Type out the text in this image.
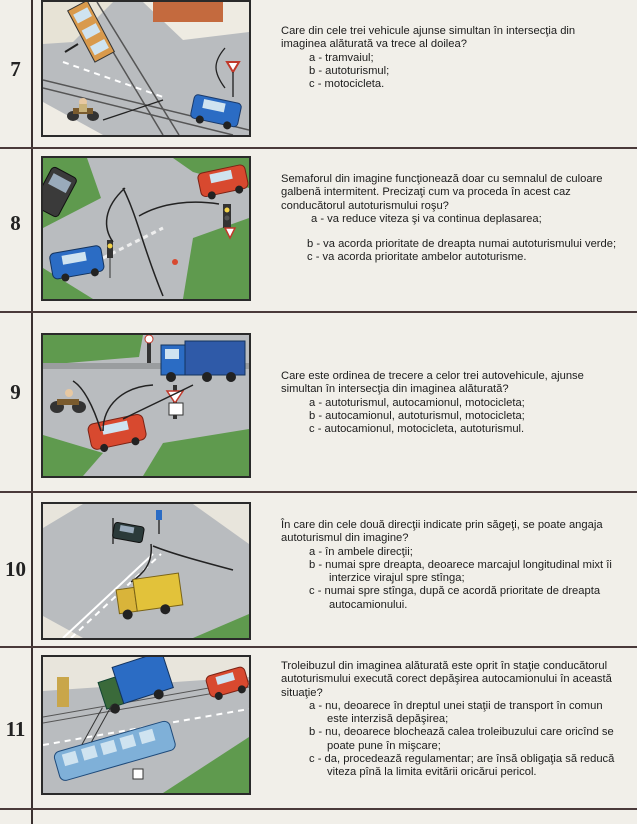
7
Care din cele trei vehicule ajunse simultan în intersecţia din imaginea alăturată va trece al doilea?
a - tramvaiul;
b - autoturismul;
c - motocicleta.
8
Semaforul din imagine funcţionează doar cu semnalul de culoare galbenă intermitent. Precizaţi cum va proceda în acest caz conducătorul autoturismului roşu?
a - va reduce viteza şi va continua deplasarea;
b - va acorda prioritate de dreapta numai autoturismului verde;
c - va acorda prioritate ambelor autoturisme.
9
Care este ordinea de trecere a celor trei autovehicule, ajunse simultan în intersecţia din imaginea alăturată?
a - autoturismul, autocamionul, motocicleta;
b - autocamionul, autoturismul, motocicleta;
c - autocamionul, motocicleta, autoturismul.
10
În care din cele două direcţii indicate prin săgeţi, se poate angaja autoturismul din imagine?
a - în ambele direcţii;
b - numai spre dreapta, deoarece marcajul longitudinal mixt îi interzice virajul spre stînga;
c - numai spre stînga, după ce acordă prioritate de dreapta autocamionului.
11
Troleibuzul din imaginea alăturată este oprit în staţie conducătorul autoturismului execută corect depăşirea autocamionului în această situaţie?
a - nu, deoarece în dreptul unei staţii de transport în comun este interzisă depăşirea;
b - nu, deoarece blochează calea troleibuzului care oricînd se poate pune în mişcare;
c - da, procedează regulamentar; are însă obligaţia să reducă viteza pînă la limita evitării oricărui pericol.
